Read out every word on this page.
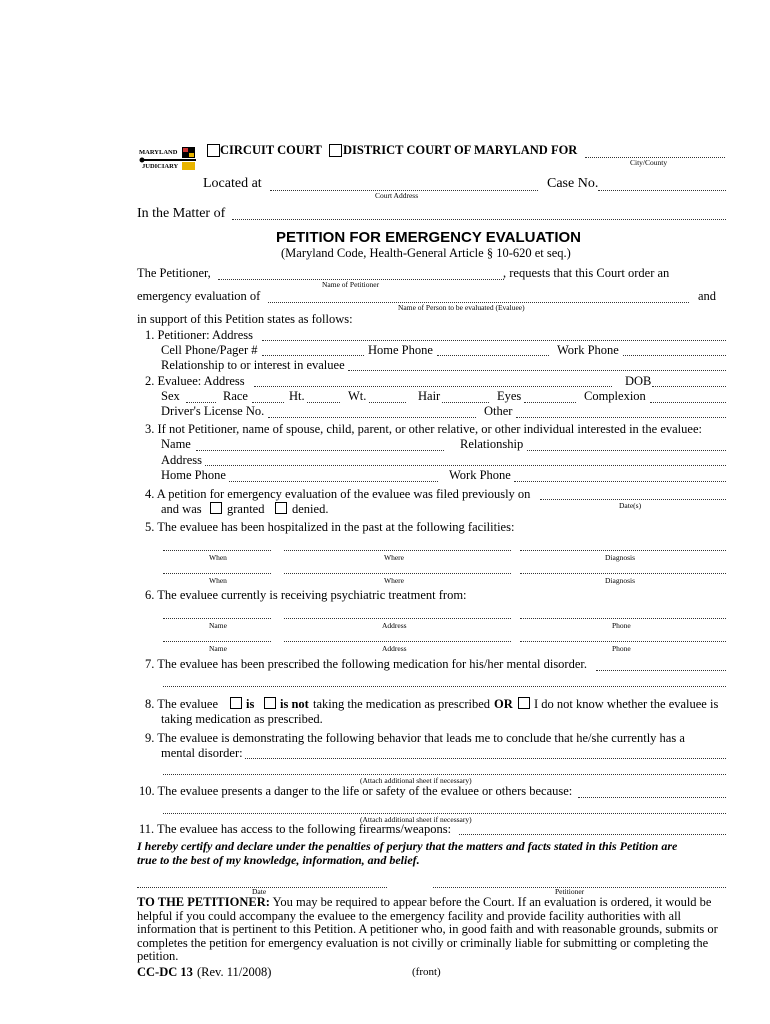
MARYLAND
JUDICIARY
CIRCUIT COURT DISTRICT COURT OF MARYLAND FOR
City/County
Located at
Court Address
Case No.
In the Matter of
PETITION FOR EMERGENCY EVALUATION
(Maryland Code, Health-General Article § 10-620 et seq.)
The Petitioner,	, requests that this Court order an
Name of Petitioner
emergency evaluation of	and
Name of Person to be evaluated (Evaluee)
in support of this Petition states as follows:
1. Petitioner: Address
Cell Phone/Pager #	Home Phone	Work Phone
Relationship to or interest in evaluee
2. Evaluee: Address	DOB
Sex	Race	Ht.	Wt.	Hair	Eyes	Complexion
Driver's License No.	Other
3. If not Petitioner, name of spouse, child, parent, or other relative, or other individual interested in the evaluee:
Name	Relationship
Address
Home Phone	Work Phone
4. A petition for emergency evaluation of the evaluee was filed previously on
Date(s)
and was granted denied.
5. The evaluee has been hospitalized in the past at the following facilities:
When	Where	Diagnosis
When	Where	Diagnosis
6. The evaluee currently is receiving psychiatric treatment from:
Name	Address	Phone
Name	Address	Phone
7. The evaluee has been prescribed the following medication for his/her mental disorder.
8. The evaluee is is not taking the medication as prescribed OR I do not know whether the evaluee is
taking medication as prescribed.
9. The evaluee is demonstrating the following behavior that leads me to conclude that he/she currently has a
mental disorder:
(Attach additional sheet if necessary)
10. The evaluee presents a danger to the life or safety of the evaluee or others because:
(Attach additional sheet if necessary)
11. The evaluee has access to the following firearms/weapons:
I hereby certify and declare under the penalties of perjury that the matters and facts stated in this Petition are
true to the best of my knowledge, information, and belief.
Date	Petitioner
TO THE PETITIONER: You may be required to appear before the Court. If an evaluation is ordered, it would be
helpful if you could accompany the evaluee to the emergency facility and provide facility authorities with all
information that is pertinent to this Petition. A petitioner who, in good faith and with reasonable grounds, submits or
completes the petition for emergency evaluation is not civilly or criminally liable for submitting or completing the
petition.
CC-DC 13 (Rev. 11/2008)	(front)
